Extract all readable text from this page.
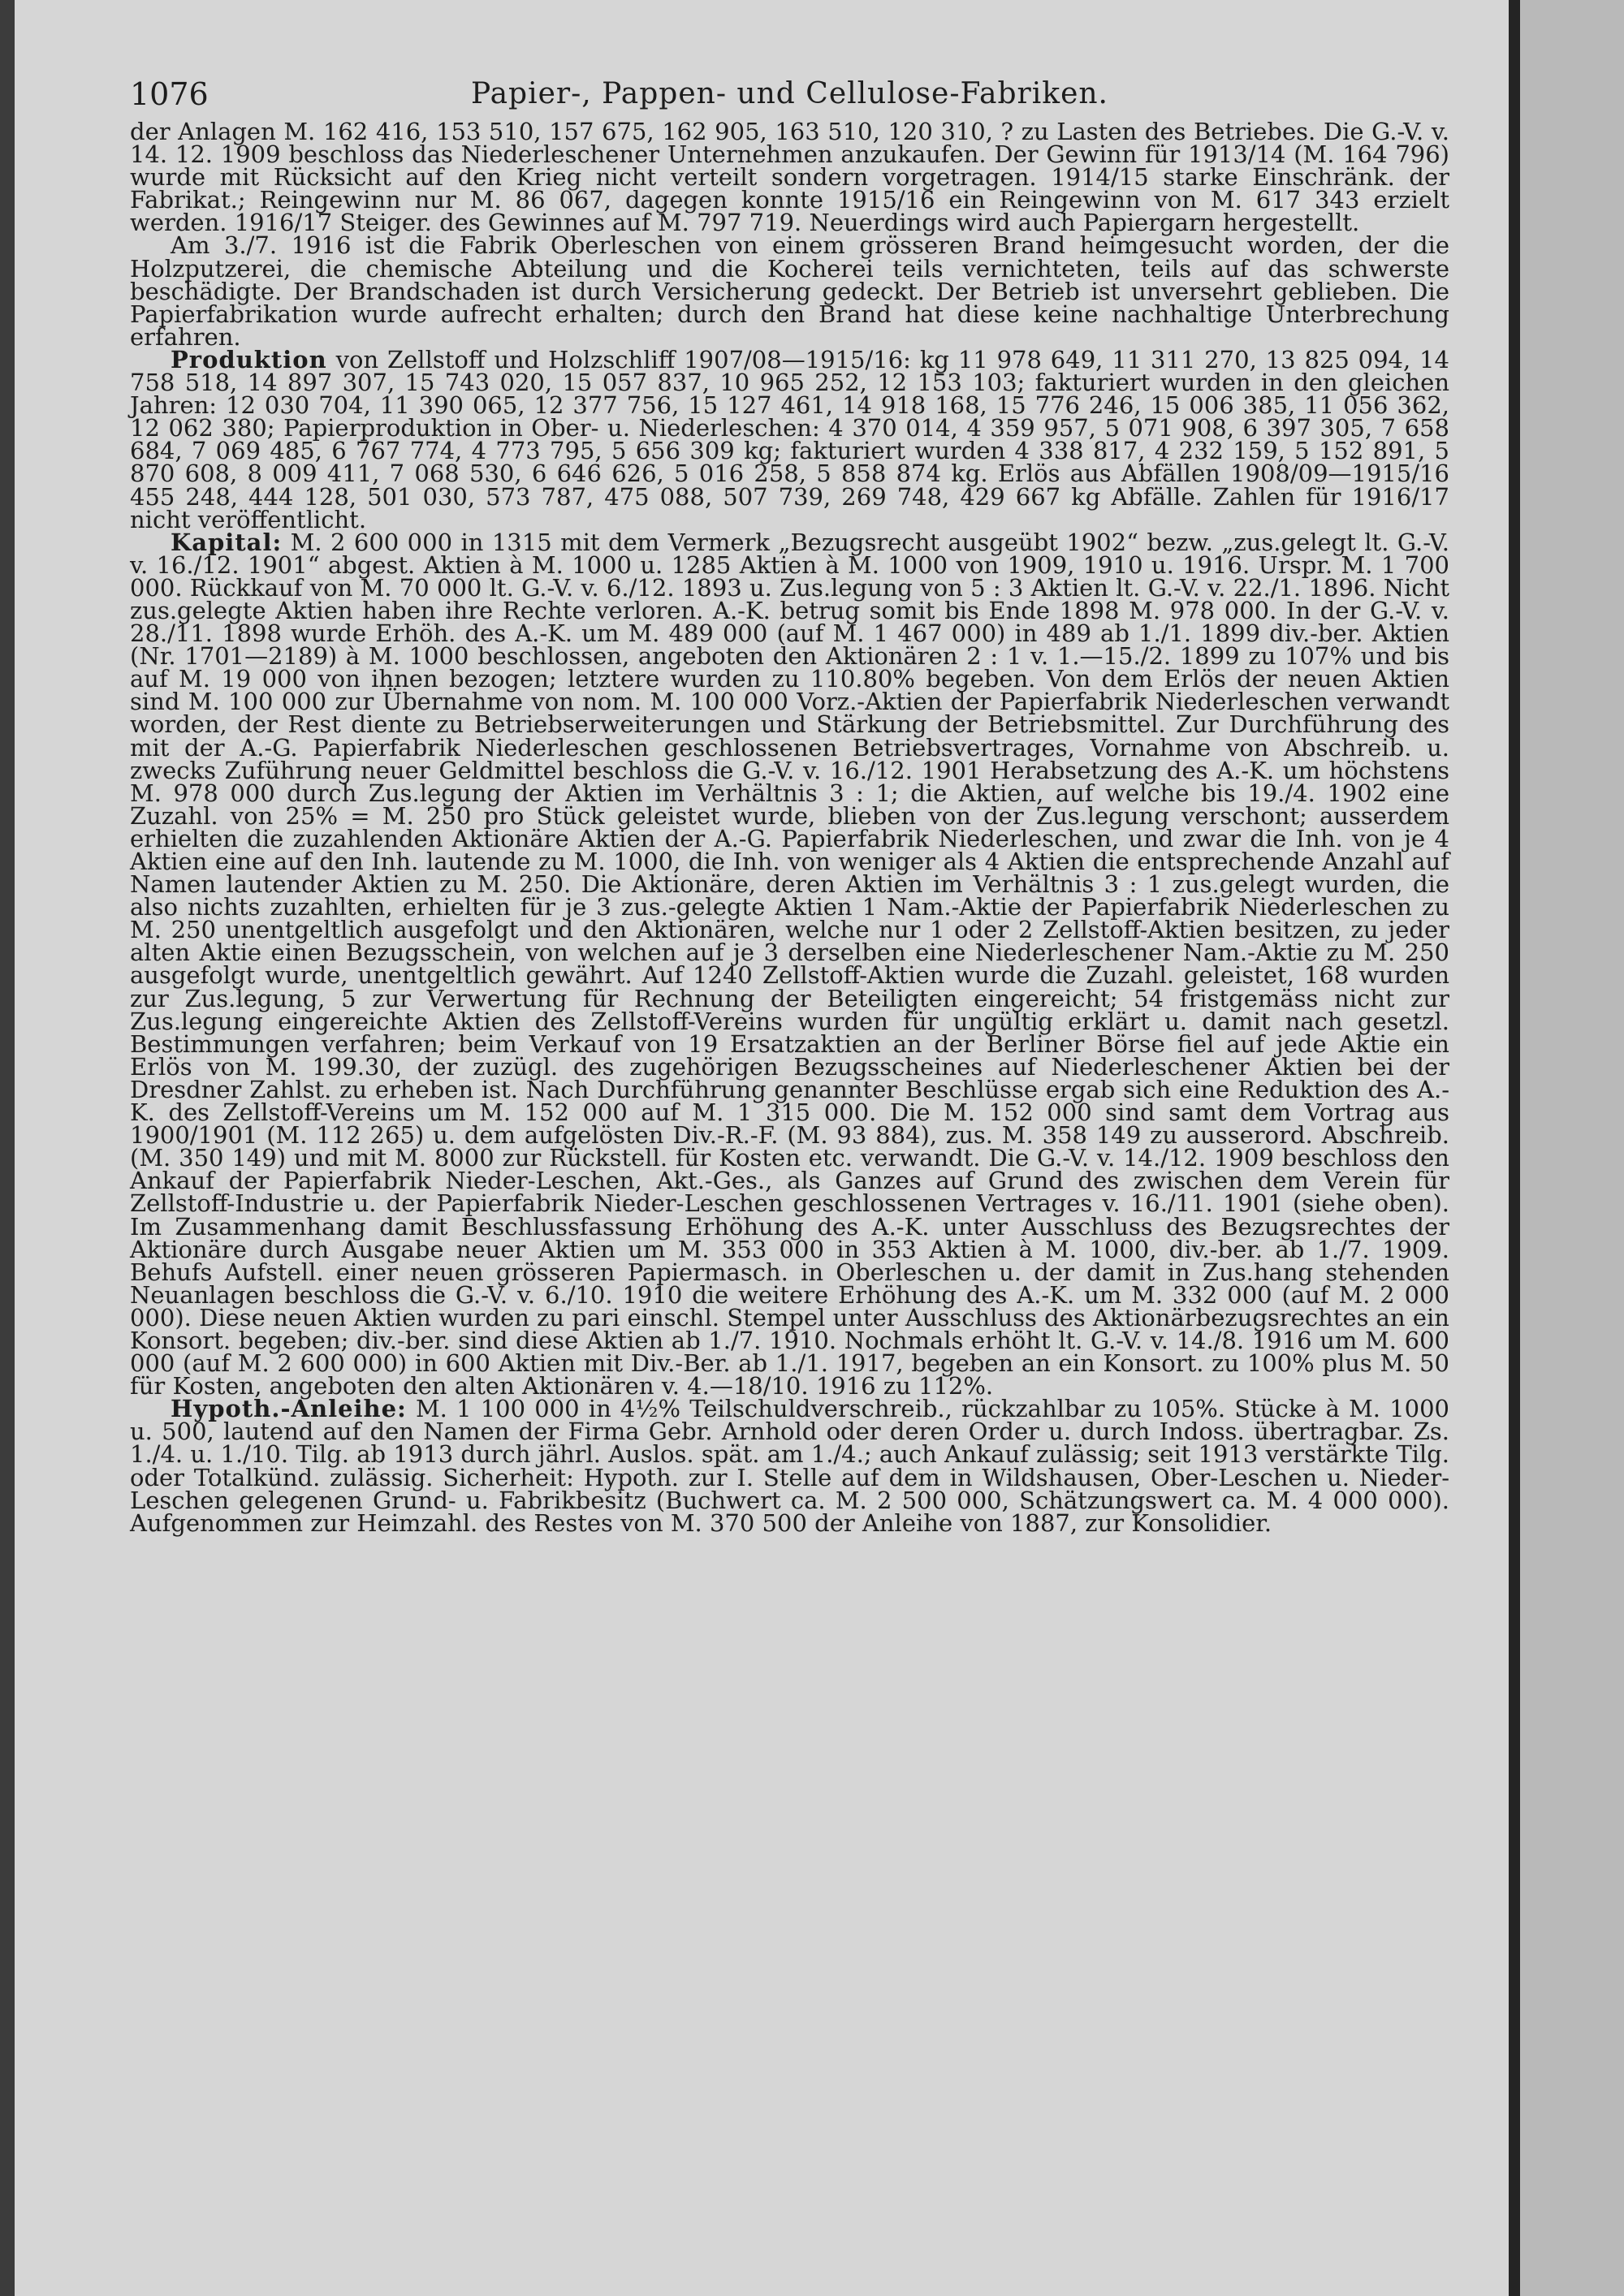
1076	Papier-, Pappen- und Cellulose-Fabriken.

der Anlagen M. 162 416, 153 510, 157 675, 162 905, 163 510, 120 310, ? zu Lasten des Betriebes. Die G.-V. v. 14. 12. 1909 beschloss das Niederleschener Unternehmen anzukaufen. Der Gewinn für 1913/14 (M. 164 796) wurde mit Rücksicht auf den Krieg nicht verteilt sondern vorgetragen. 1914/15 starke Einschränk. der Fabrikat.; Reingewinn nur M. 86 067, dagegen konnte 1915/16 ein Reingewinn von M. 617 343 erzielt werden. 1916/17 Steiger. des Gewinnes auf M. 797 719. Neuerdings wird auch Papiergarn hergestellt.

Am 3./7. 1916 ist die Fabrik Oberleschen von einem grösseren Brand heimgesucht worden, der die Holzputzerei, die chemische Abteilung und die Kocherei teils vernichteten, teils auf das schwerste beschädigte. Der Brandschaden ist durch Versicherung gedeckt. Der Betrieb ist unversehrt geblieben. Die Papierfabrikation wurde aufrecht erhalten; durch den Brand hat diese keine nachhaltige Unterbrechung erfahren.

Produktion von Zellstoff und Holzschliff 1907/08—1915/16: kg 11 978 649, 11 311 270, 13 825 094, 14 758 518, 14 897 307, 15 743 020, 15 057 837, 10 965 252, 12 153 103; fakturiert wurden in den gleichen Jahren: 12 030 704, 11 390 065, 12 377 756, 15 127 461, 14 918 168, 15 776 246, 15 006 385, 11 056 362, 12 062 380; Papierproduktion in Ober- u. Niederleschen: 4 370 014, 4 359 957, 5 071 908, 6 397 305, 7 658 684, 7 069 485, 6 767 774, 4 773 795, 5 656 309 kg; fakturiert wurden 4 338 817, 4 232 159, 5 152 891, 5 870 608, 8 009 411, 7 068 530, 6 646 626, 5 016 258, 5 858 874 kg. Erlös aus Abfällen 1908/09—1915/16 455 248, 444 128, 501 030, 573 787, 475 088, 507 739, 269 748, 429 667 kg Abfälle. Zahlen für 1916/17 nicht veröffentlicht.

Kapital: M. 2 600 000 in 1315 mit dem Vermerk „Bezugsrecht ausgeübt 1902“ bezw. „zus.gelegt lt. G.-V. v. 16./12. 1901“ abgest. Aktien à M. 1000 u. 1285 Aktien à M. 1000 von 1909, 1910 u. 1916. Urspr. M. 1 700 000. Rückkauf von M. 70 000 lt. G.-V. v. 6./12. 1893 u. Zus.legung von 5 : 3 Aktien lt. G.-V. v. 22./1. 1896. Nicht zus.gelegte Aktien haben ihre Rechte verloren. A.-K. betrug somit bis Ende 1898 M. 978 000. In der G.-V. v. 28./11. 1898 wurde Erhöh. des A.-K. um M. 489 000 (auf M. 1 467 000) in 489 ab 1./1. 1899 div.-ber. Aktien (Nr. 1701—2189) à M. 1000 beschlossen, angeboten den Aktionären 2 : 1 v. 1.—15./2. 1899 zu 107% und bis auf M. 19 000 von ihnen bezogen; letztere wurden zu 110.80% begeben. Von dem Erlös der neuen Aktien sind M. 100 000 zur Übernahme von nom. M. 100 000 Vorz.-Aktien der Papierfabrik Niederleschen verwandt worden, der Rest diente zu Betriebserweiterungen und Stärkung der Betriebsmittel. Zur Durchführung des mit der A.-G. Papierfabrik Niederleschen geschlossenen Betriebsvertrages, Vornahme von Abschreib. u. zwecks Zuführung neuer Geldmittel beschloss die G.-V. v. 16./12. 1901 Herabsetzung des A.-K. um höchstens M. 978 000 durch Zus.legung der Aktien im Verhältnis 3 : 1; die Aktien, auf welche bis 19./4. 1902 eine Zuzahl. von 25% = M. 250 pro Stück geleistet wurde, blieben von der Zus.legung verschont; ausserdem erhielten die zuzahlenden Aktionäre Aktien der A.-G. Papierfabrik Niederleschen, und zwar die Inh. von je 4 Aktien eine auf den Inh. lautende zu M. 1000, die Inh. von weniger als 4 Aktien die entsprechende Anzahl auf Namen lautender Aktien zu M. 250. Die Aktionäre, deren Aktien im Verhältnis 3 : 1 zus.gelegt wurden, die also nichts zuzahlten, erhielten für je 3 zus.-gelegte Aktien 1 Nam.-Aktie der Papierfabrik Niederleschen zu M. 250 unentgeltlich ausgefolgt und den Aktionären, welche nur 1 oder 2 Zellstoff-Aktien besitzen, zu jeder alten Aktie einen Bezugsschein, von welchen auf je 3 derselben eine Niederleschener Nam.-Aktie zu M. 250 ausgefolgt wurde, unentgeltlich gewährt. Auf 1240 Zellstoff-Aktien wurde die Zuzahl. geleistet, 168 wurden zur Zus.legung, 5 zur Verwertung für Rechnung der Beteiligten eingereicht; 54 fristgemäss nicht zur Zus.legung eingereichte Aktien des Zellstoff-Vereins wurden für ungültig erklärt u. damit nach gesetzl. Bestimmungen verfahren; beim Verkauf von 19 Ersatzaktien an der Berliner Börse fiel auf jede Aktie ein Erlös von M. 199.30, der zuzügl. des zugehörigen Bezugsscheines auf Niederleschener Aktien bei der Dresdner Zahlst. zu erheben ist. Nach Durchführung genannter Beschlüsse ergab sich eine Reduktion des A.-K. des Zellstoff-Vereins um M. 152 000 auf M. 1 315 000. Die M. 152 000 sind samt dem Vortrag aus 1900/1901 (M. 112 265) u. dem aufgelösten Div.-R.-F. (M. 93 884), zus. M. 358 149 zu ausserord. Abschreib. (M. 350 149) und mit M. 8000 zur Rückstell. für Kosten etc. verwandt. Die G.-V. v. 14./12. 1909 beschloss den Ankauf der Papierfabrik Nieder-Leschen, Akt.-Ges., als Ganzes auf Grund des zwischen dem Verein für Zellstoff-Industrie u. der Papierfabrik Nieder-Leschen geschlossenen Vertrages v. 16./11. 1901 (siehe oben). Im Zusammenhang damit Beschlussfassung Erhöhung des A.-K. unter Ausschluss des Bezugsrechtes der Aktionäre durch Ausgabe neuer Aktien um M. 353 000 in 353 Aktien à M. 1000, div.-ber. ab 1./7. 1909. Behufs Aufstell. einer neuen grösseren Papiermasch. in Oberleschen u. der damit in Zus.hang stehenden Neuanlagen beschloss die G.-V. v. 6./10. 1910 die weitere Erhöhung des A.-K. um M. 332 000 (auf M. 2 000 000). Diese neuen Aktien wurden zu pari einschl. Stempel unter Ausschluss des Aktionärbezugsrechtes an ein Konsort. begeben; div.-ber. sind diese Aktien ab 1./7. 1910. Nochmals erhöht lt. G.-V. v. 14./8. 1916 um M. 600 000 (auf M. 2 600 000) in 600 Aktien mit Div.-Ber. ab 1./1. 1917, begeben an ein Konsort. zu 100% plus M. 50 für Kosten, angeboten den alten Aktionären v. 4.—18/10. 1916 zu 112%.

Hypoth.-Anleihe: M. 1 100 000 in 4½% Teilschuldverschreib., rückzahlbar zu 105%. Stücke à M. 1000 u. 500, lautend auf den Namen der Firma Gebr. Arnhold oder deren Order u. durch Indoss. übertragbar. Zs. 1./4. u. 1./10. Tilg. ab 1913 durch jährl. Auslos. spät. am 1./4.; auch Ankauf zulässig; seit 1913 verstärkte Tilg. oder Totalkünd. zulässig. Sicherheit: Hypoth. zur I. Stelle auf dem in Wildshausen, Ober-Leschen u. Nieder-Leschen gelegenen Grund- u. Fabrikbesitz (Buchwert ca. M. 2 500 000, Schätzungswert ca. M. 4 000 000). Aufgenommen zur Heimzahl. des Restes von M. 370 500 der Anleihe von 1887, zur Konsolidier.
